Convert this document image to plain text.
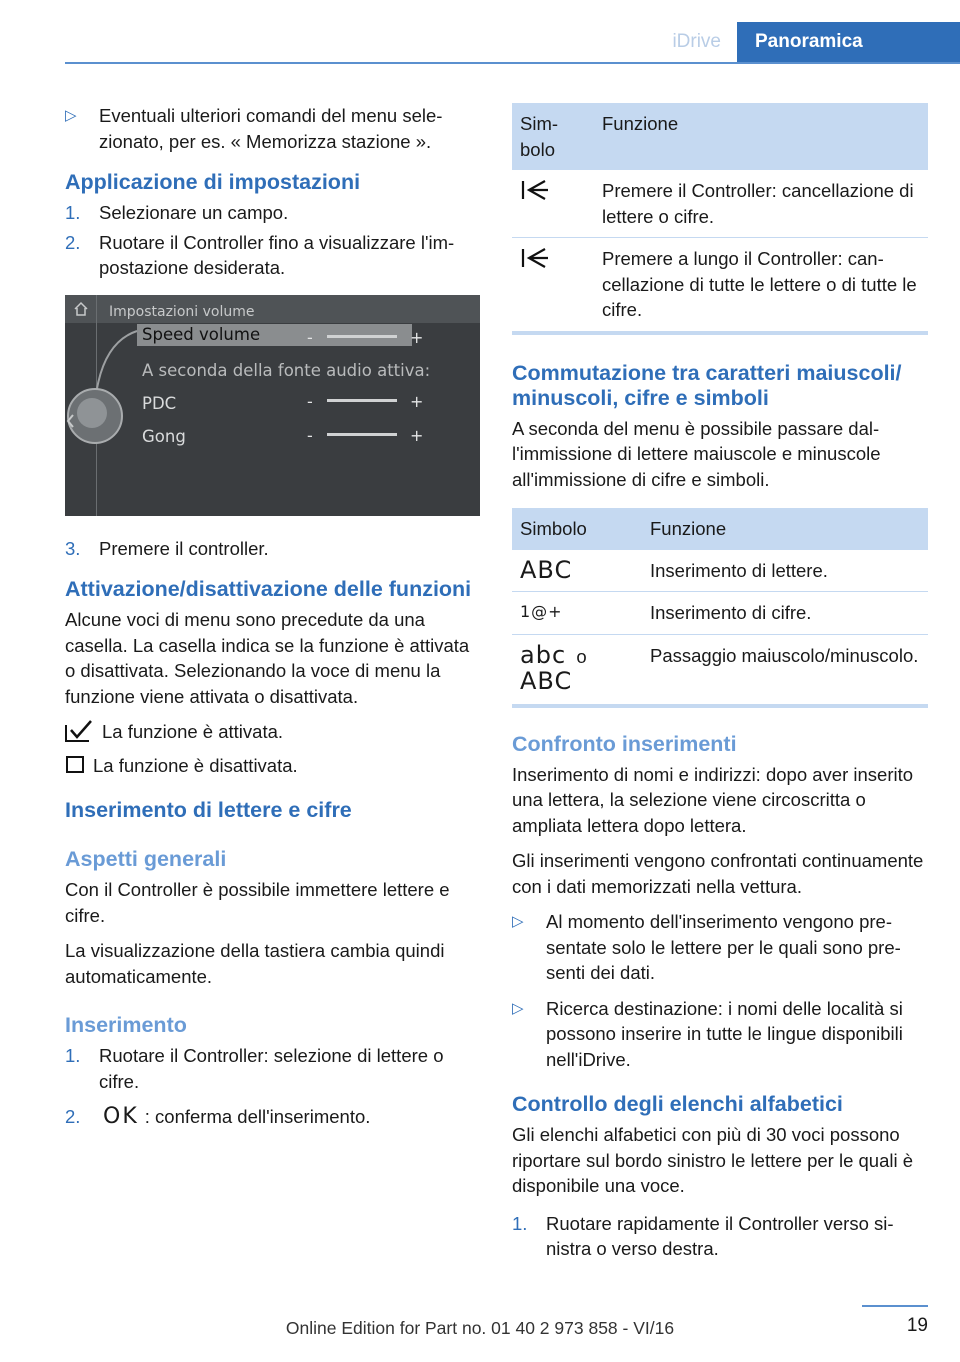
iDrive	Panoramica
▷	Eventuali ulteriori comandi del menu selezionato, per es. « Memorizza stazione ».
Applicazione di impostazioni
1.	Selezionare un campo.
2.	Ruotare il Controller fino a visualizzare l'impostazione desiderata.
Impostazioni volume
Speed volume
A seconda della fonte audio attiva:
PDC
Gong
-	+
-	+
-	+
3.	Premere il controller.
Attivazione/disattivazione delle funzioni

Alcune voci di menu sono precedute da una casella. La casella indica se la funzione è attivata o disattivata. Selezionando la voce di menu la funzione viene attivata o disattivata.

La funzione è attivata.
La funzione è disattivata.
Inserimento di lettere e cifre
Aspetti generali

Con il Controller è possibile immettere lettere e cifre.

La visualizzazione della tastiera cambia quindi automaticamente.

Inserimento
1.	Ruotare il Controller: selezione di lettere o cifre.
2.	OK : conferma dell'inserimento.
Simbolo	Funzione
	Premere il Controller: cancellazione di lettere o cifre.
	Premere a lungo il Controller: cancellazione di tutte le lettere o di tutte le cifre.
Commutazione tra caratteri maiuscoli/ minuscoli, cifre e simboli

A seconda del menu è possibile passare dall'immissione di lettere maiuscole e minuscole all'immissione di cifre e simboli.

Simbolo	Funzione
ABC	Inserimento di lettere.
1@+	Inserimento di cifre.
abc o
ABC	Passaggio maiuscolo/minuscolo.
Confronto inserimenti

Inserimento di nomi e indirizzi: dopo aver inserito una lettera, la selezione viene circoscritta o ampliata lettera dopo lettera.

Gli inserimenti vengono confrontati continuamente con i dati memorizzati nella vettura.

▷	Al momento dell'inserimento vengono presentate solo le lettere per le quali sono presenti dei dati.
▷	Ricerca destinazione: i nomi delle località si possono inserire in tutte le lingue disponibili nell'iDrive.
Controllo degli elenchi alfabetici

Gli elenchi alfabetici con più di 30 voci possono riportare sul bordo sinistro le lettere per le quali è disponibile una voce.

1.	Ruotare rapidamente il Controller verso sinistra o verso destra.
19
Online Edition for Part no. 01 40 2 973 858 - VI/16
